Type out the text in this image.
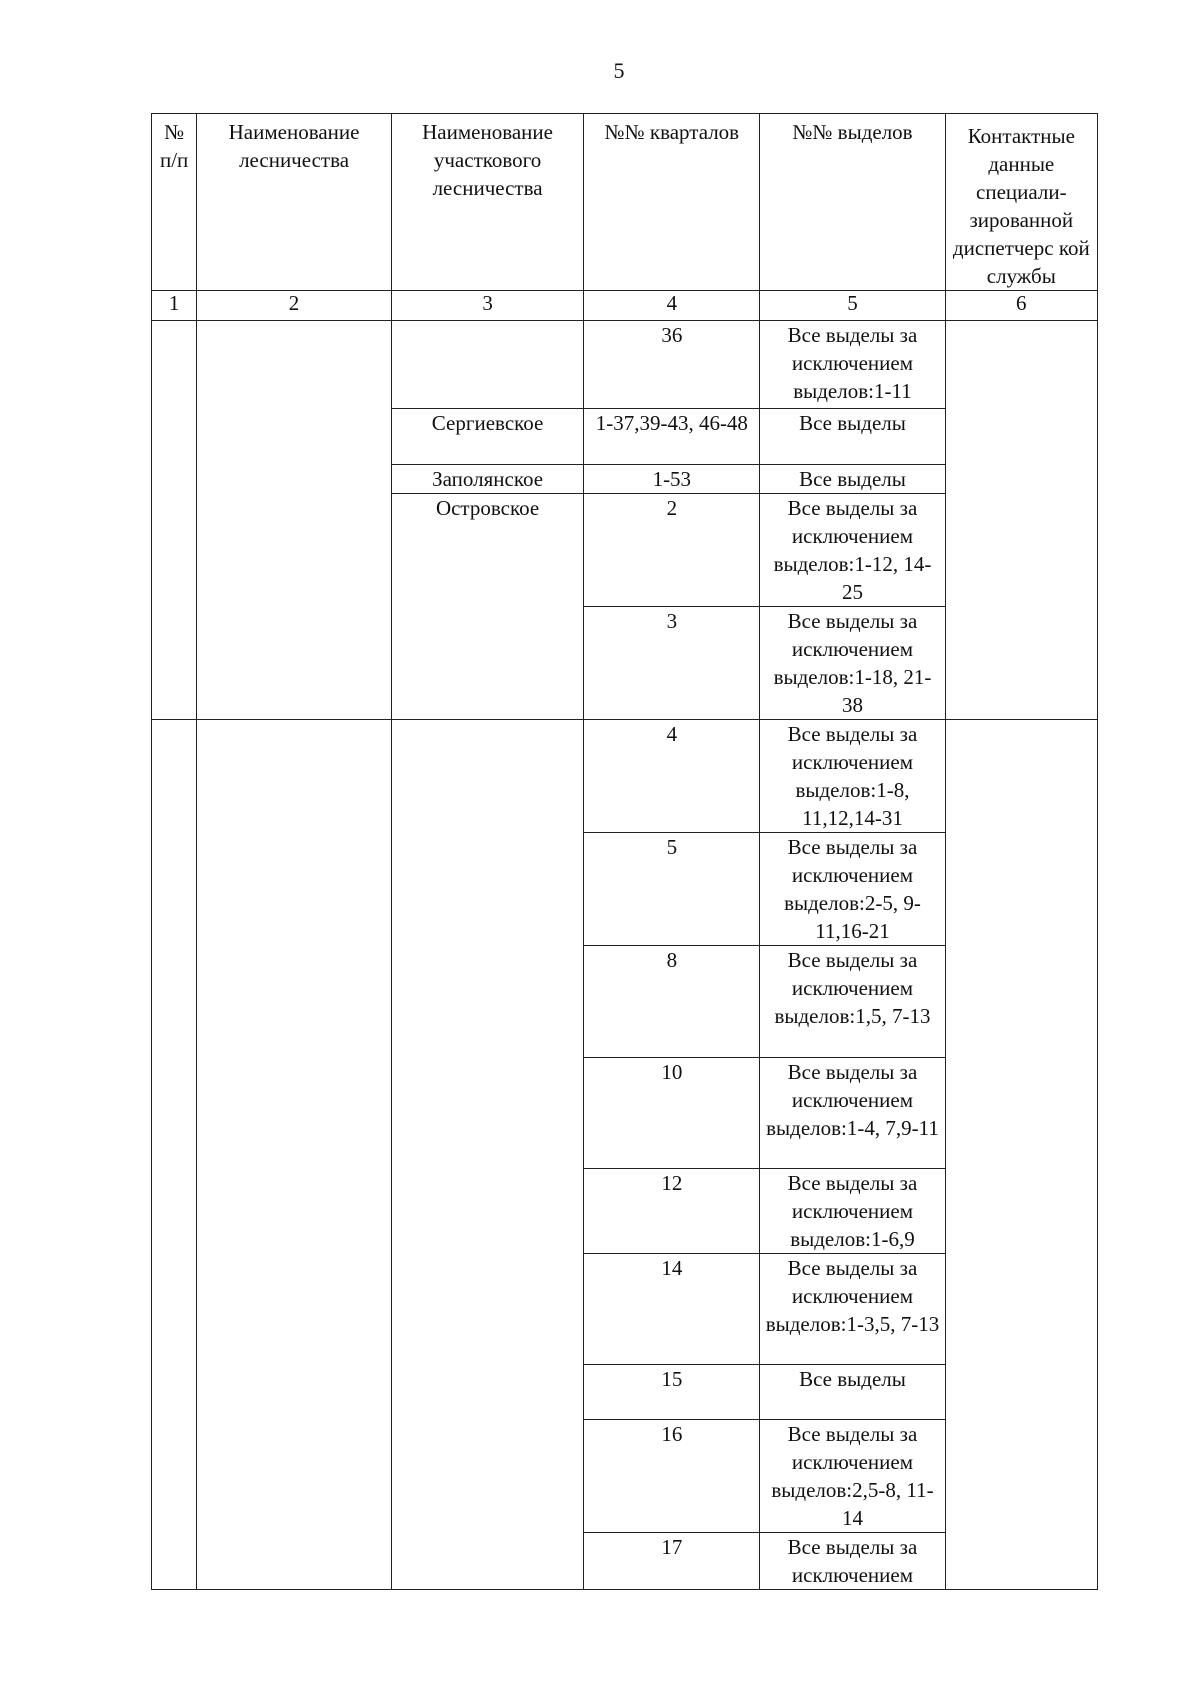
5
№ п/п	Наименование лесничества	Наименование участкового лесничества	№№ кварталов	№№ выделов	Контактные данные специали-зированной диспетчерс кой службы
1	2	3	4	5	6
			36	Все выделы за исключением выделов:1-11	
		Сергиевское	1-37,39-43, 46-48	Все выделы	
		Заполянское	1-53	Все выделы	
		Островское	2	Все выделы за исключением выделов:1-12, 14-25	
			3	Все выделы за исключением выделов:1-18, 21-38	
			4	Все выделы за исключением выделов:1-8, 11,12,14-31	
			5	Все выделы за исключением выделов:2-5, 9-11,16-21	
			8	Все выделы за исключением выделов:1,5, 7-13	
			10	Все выделы за исключением выделов:1-4, 7,9-11	
			12	Все выделы за исключением выделов:1-6,9	
			14	Все выделы за исключением выделов:1-3,5, 7-13	
			15	Все выделы	
			16	Все выделы за исключением выделов:2,5-8, 11-14	
			17	Все выделы за исключением	
